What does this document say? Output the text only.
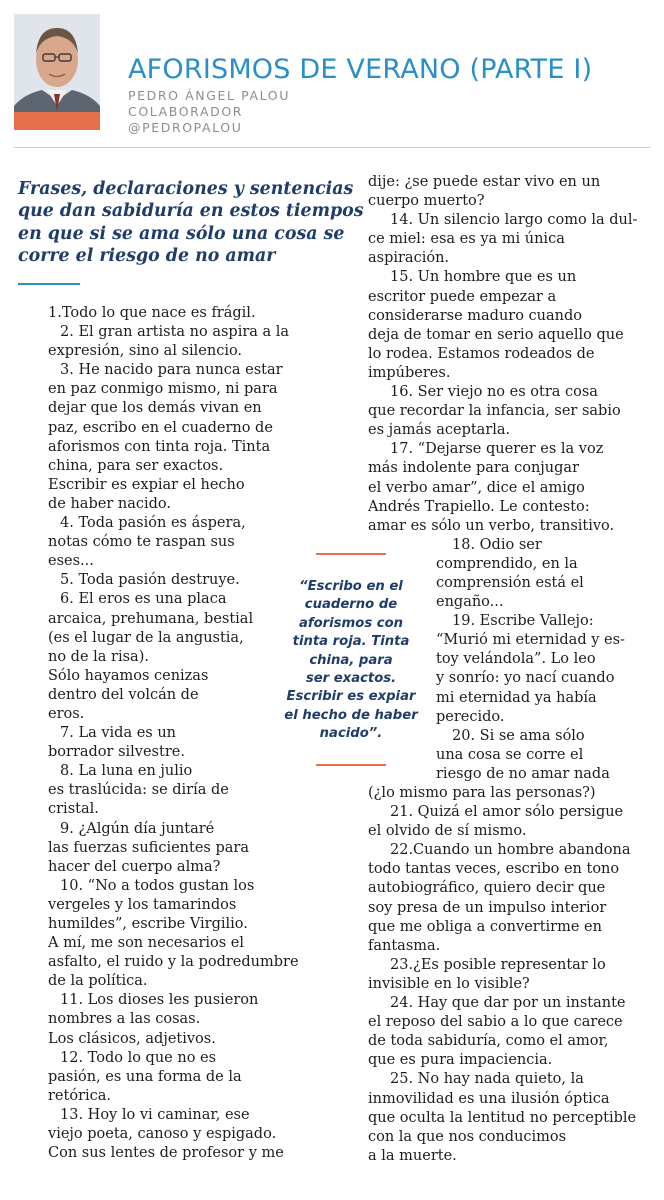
AFORISMOS DE VERANO (PARTE I)
PEDRO ÁNGEL PALOU
COLABORADOR
@PEDROPALOU
Frases, declaraciones y sentencias que dan sabiduría en estos tiempos en que si se ama sólo una cosa se corre el riesgo de no amar
1.Todo lo que nace es frágil.
2. El gran artista no aspira a la
expresión, sino al silencio.
3. He nacido para nunca estar
en paz conmigo mismo, ni para
dejar que los demás vivan en
paz, escribo en el cuaderno de
aforismos con tinta roja. Tinta
china, para ser exactos.
Escribir es expiar el hecho
de haber nacido.
4. Toda pasión es áspera,
notas cómo te raspan sus
eses...
5. Toda pasión destruye.
6. El eros es una placa
arcaica, prehumana, bestial
(es el lugar de la angustia,
no de la risa).
Sólo hayamos cenizas
dentro del volcán de
eros.
7. La vida es un
borrador silvestre.
8. La luna en julio
es traslúcida: se diría de
cristal.
9. ¿Algún día juntaré
las fuerzas suficientes para
hacer del cuerpo alma?
10. “No a todos gustan los
vergeles y los tamarindos
humildes”, escribe Virgilio.
A mí, me son necesarios el
asfalto, el ruido y la podredumbre
de la política.
11. Los dioses les pusieron
nombres a las cosas.
Los clásicos, adjetivos.
12. Todo lo que no es
pasión, es una forma de la
retórica.
13. Hoy lo vi caminar, ese
viejo poeta, canoso y espigado.
Con sus lentes de profesor y me
dije: ¿se puede estar vivo en un
cuerpo muerto?
14. Un silencio largo como la dul-
ce miel: esa es ya mi única
aspiración.
15. Un hombre que es un
escritor puede empezar a
considerarse maduro cuando
deja de tomar en serio aquello que
lo rodea. Estamos rodeados de
impúberes.
16. Ser viejo no es otra cosa
que recordar la infancia, ser sabio
es jamás aceptarla.
17. “Dejarse querer es la voz
más indolente para conjugar
el verbo amar”, dice el amigo
Andrés Trapiello. Le contesto:
amar es sólo un verbo, transitivo.
18. Odio ser
comprendido, en la
comprensión está el
engaño...
19. Escribe Vallejo:
“Murió mi eternidad y es-
toy velándola”. Lo leo
y sonrío: yo nací cuando
mi eternidad ya había
perecido.
20. Si se ama sólo
una cosa se corre el
riesgo de no amar nada
(¿lo mismo para las personas?)
21. Quizá el amor sólo persigue
el olvido de sí mismo.
22.Cuando un hombre abandona
todo tantas veces, escribo en tono
autobiográfico, quiero decir que
soy presa de un impulso interior
que me obliga a convertirme en
fantasma.
23.¿Es posible representar lo
invisible en lo visible?
24. Hay que dar por un instante
el reposo del sabio a lo que carece
de toda sabiduría, como el amor,
que es pura impaciencia.
25. No hay nada quieto, la
inmovilidad es una ilusión óptica
que oculta la lentitud no perceptible
con la que nos conducimos
a la muerte.
“Escribo en el
cuaderno de
aforismos con
tinta roja. Tinta
china, para
ser exactos.
Escribir es expiar
el hecho de haber
nacido”.
